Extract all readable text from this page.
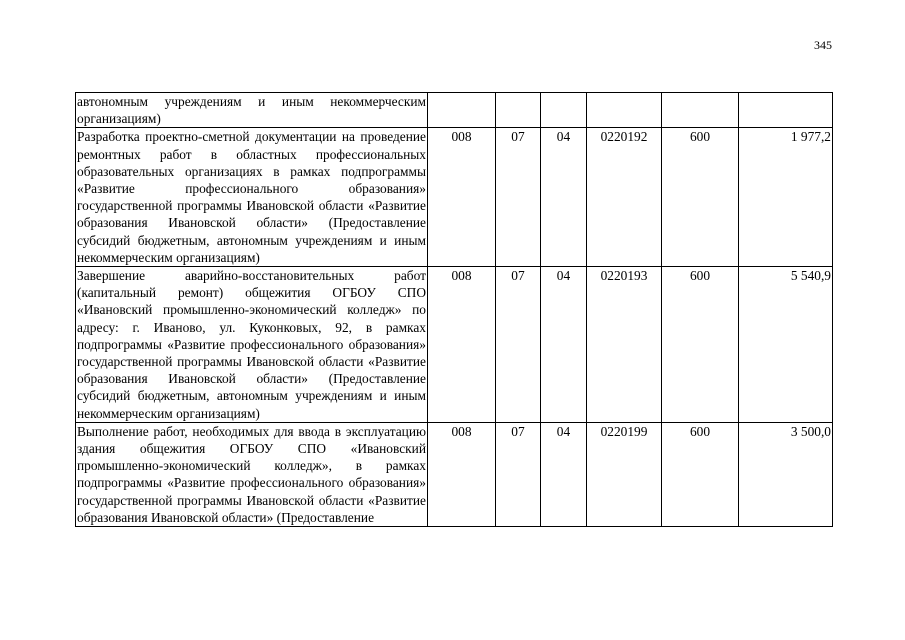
345
автономным учреждениям и иным некоммерческим организациям)						
Разработка проектно-сметной документации на проведение ремонтных работ в областных профессиональных образовательных организациях в рамках подпрограммы «Развитие профессионального образования» государственной программы Ивановской области «Развитие образования Ивановской области» (Предоставление субсидий бюджетным, автономным учреждениям и иным некоммерческим организациям)	008	07	04	0220192	600	1 977,2
Завершение аварийно-восстановительных работ (капитальный ремонт) общежития ОГБОУ СПО «Ивановский промышленно-экономический колледж» по адресу: г. Иваново, ул. Куконковых, 92, в рамках подпрограммы «Развитие профессионального образования» государственной программы Ивановской области «Развитие образования Ивановской области» (Предоставление субсидий бюджетным, автономным учреждениям и иным некоммерческим организациям)	008	07	04	0220193	600	5 540,9
Выполнение работ, необходимых для ввода в эксплуатацию здания общежития ОГБОУ СПО «Ивановский промышленно-экономический колледж», в рамках подпрограммы «Развитие профессионального образования» государственной программы Ивановской области «Развитие образования Ивановской области» (Предоставление	008	07	04	0220199	600	3 500,0
